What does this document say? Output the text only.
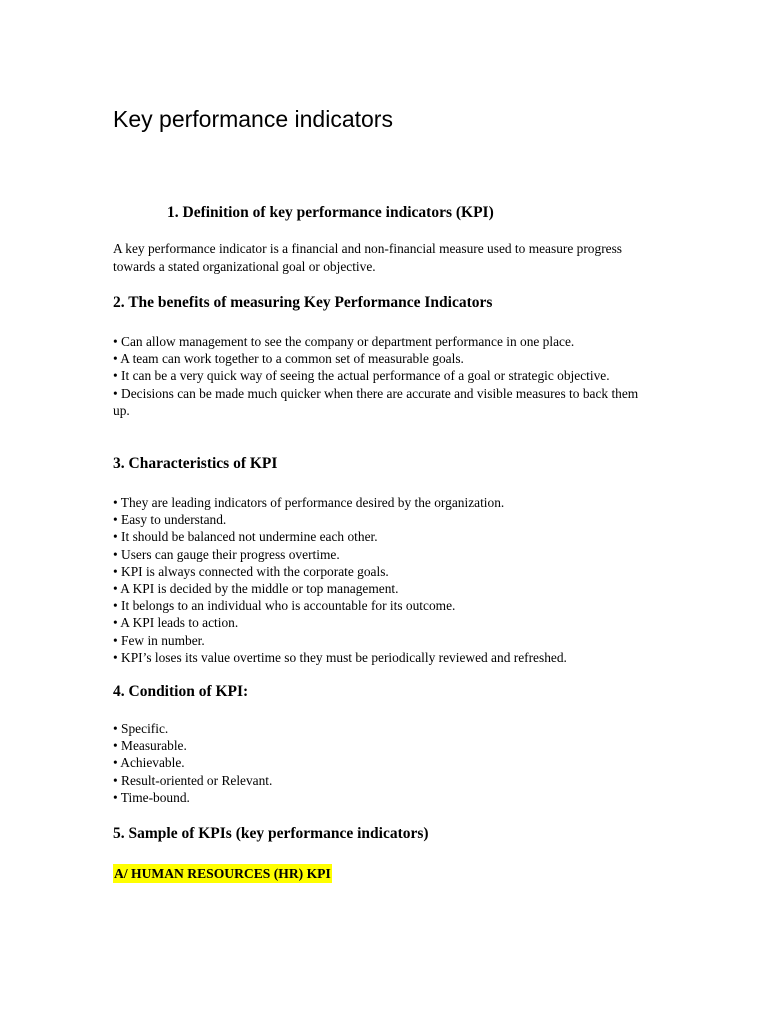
Key performance indicators
1. Definition of key performance indicators (KPI)

A key performance indicator is a financial and non-financial measure used to measure progress towards a stated organizational goal or objective.

2. The benefits of measuring Key Performance Indicators
• Can allow management to see the company or department performance in one place.
• A team can work together to a common set of measurable goals.
• It can be a very quick way of seeing the actual performance of a goal or strategic objective.
• Decisions can be made much quicker when there are accurate and visible measures to back them up.
3. Characteristics of KPI
• They are leading indicators of performance desired by the organization.
• Easy to understand.
• It should be balanced not undermine each other.
• Users can gauge their progress overtime.
• KPI is always connected with the corporate goals.
• A KPI is decided by the middle or top management.
• It belongs to an individual who is accountable for its outcome.
• A KPI leads to action.
• Few in number.
• KPI’s loses its value overtime so they must be periodically reviewed and refreshed.
4. Condition of KPI:
• Specific.
• Measurable.
• Achievable.
• Result-oriented or Relevant.
• Time-bound.
5. Sample of KPIs (key performance indicators)

A/ HUMAN RESOURCES (HR) KPI
